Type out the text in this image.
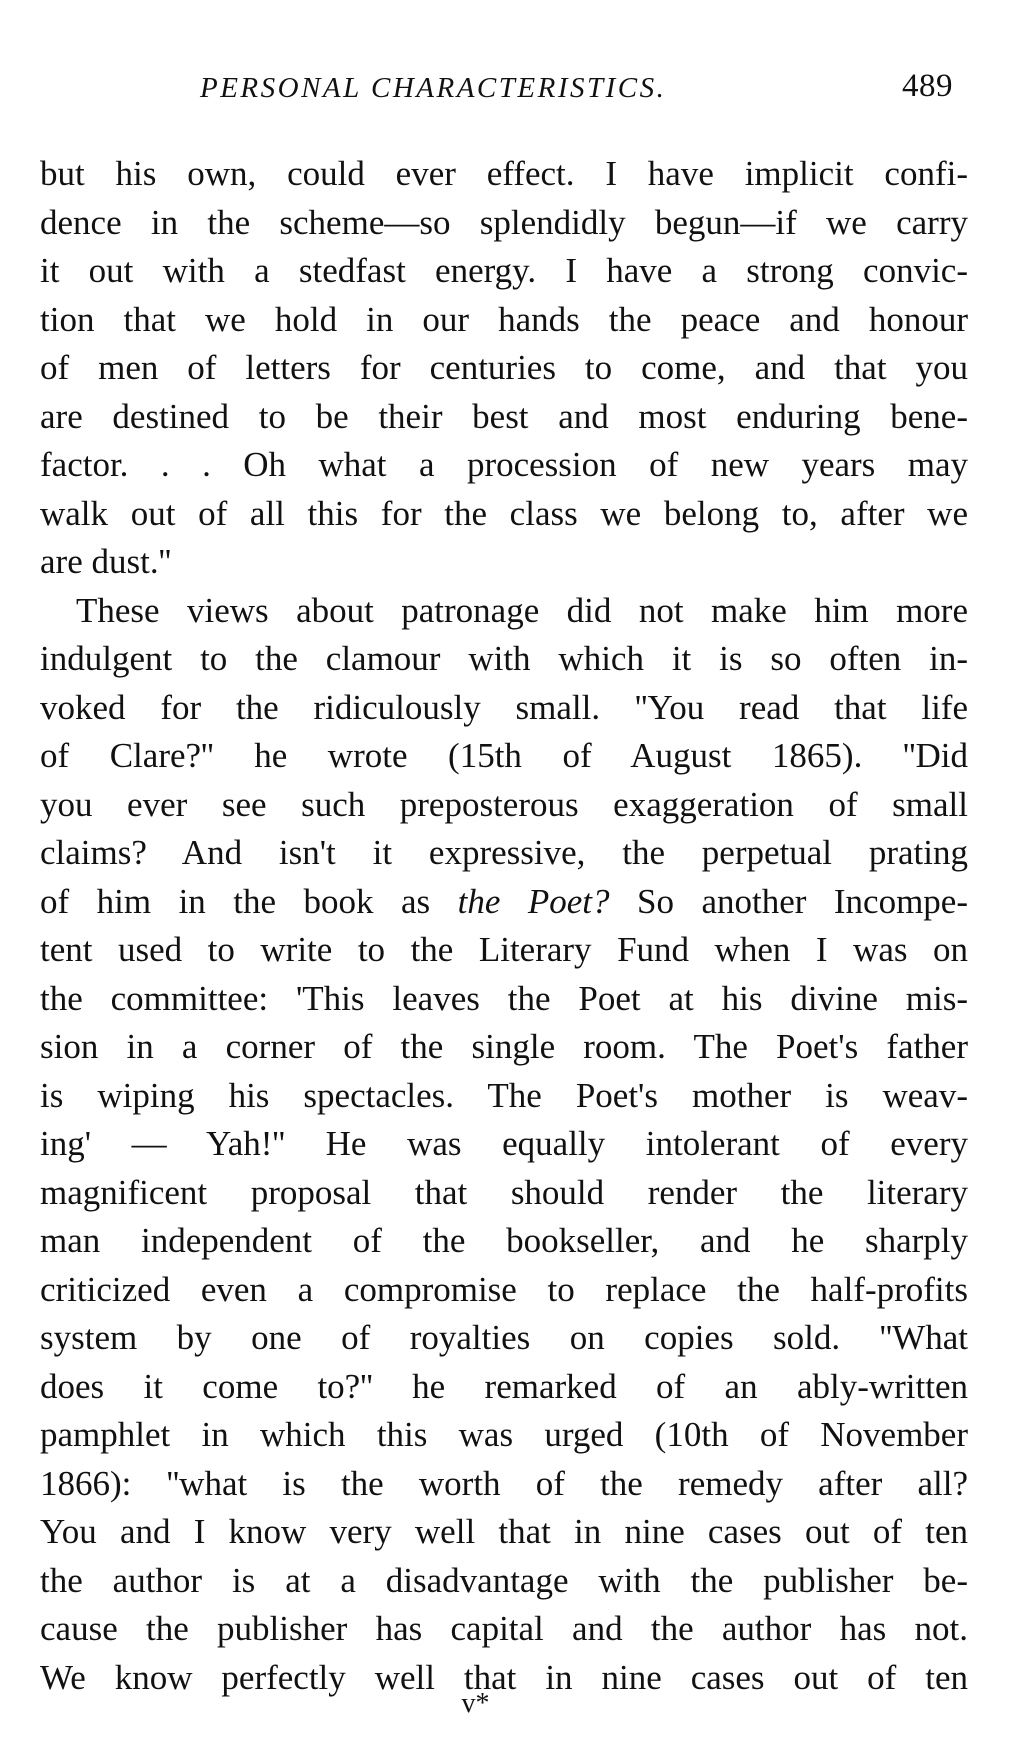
PERSONAL CHARACTERISTICS.	489
but his own, could ever effect. I have implicit confi-
dence in the scheme—so splendidly begun—if we carry
it out with a stedfast energy. I have a strong convic-
tion that we hold in our hands the peace and honour
of men of letters for centuries to come, and that you
are destined to be their best and most enduring bene-
factor. . . Oh what a procession of new years may
walk out of all this for the class we belong to, after we
are dust.''
These views about patronage did not make him more
indulgent to the clamour with which it is so often in-
voked for the ridiculously small. ''You read that life
of Clare?'' he wrote (15th of August 1865). ''Did
you ever see such preposterous exaggeration of small
claims? And isn't it expressive, the perpetual prating
of him in the book as the Poet? So another Incompe-
tent used to write to the Literary Fund when I was on
the committee: 'This leaves the Poet at his divine mis-
sion in a corner of the single room. The Poet's father
is wiping his spectacles. The Poet's mother is weav-
ing' — Yah!'' He was equally intolerant of every
magnificent proposal that should render the literary
man independent of the bookseller, and he sharply
criticized even a compromise to replace the half-profits
system by one of royalties on copies sold. ''What
does it come to?'' he remarked of an ably-written
pamphlet in which this was urged (10th of November
1866): ''what is the worth of the remedy after all?
You and I know very well that in nine cases out of ten
the author is at a disadvantage with the publisher be-
cause the publisher has capital and the author has not.
We know perfectly well that in nine cases out of ten
v*
